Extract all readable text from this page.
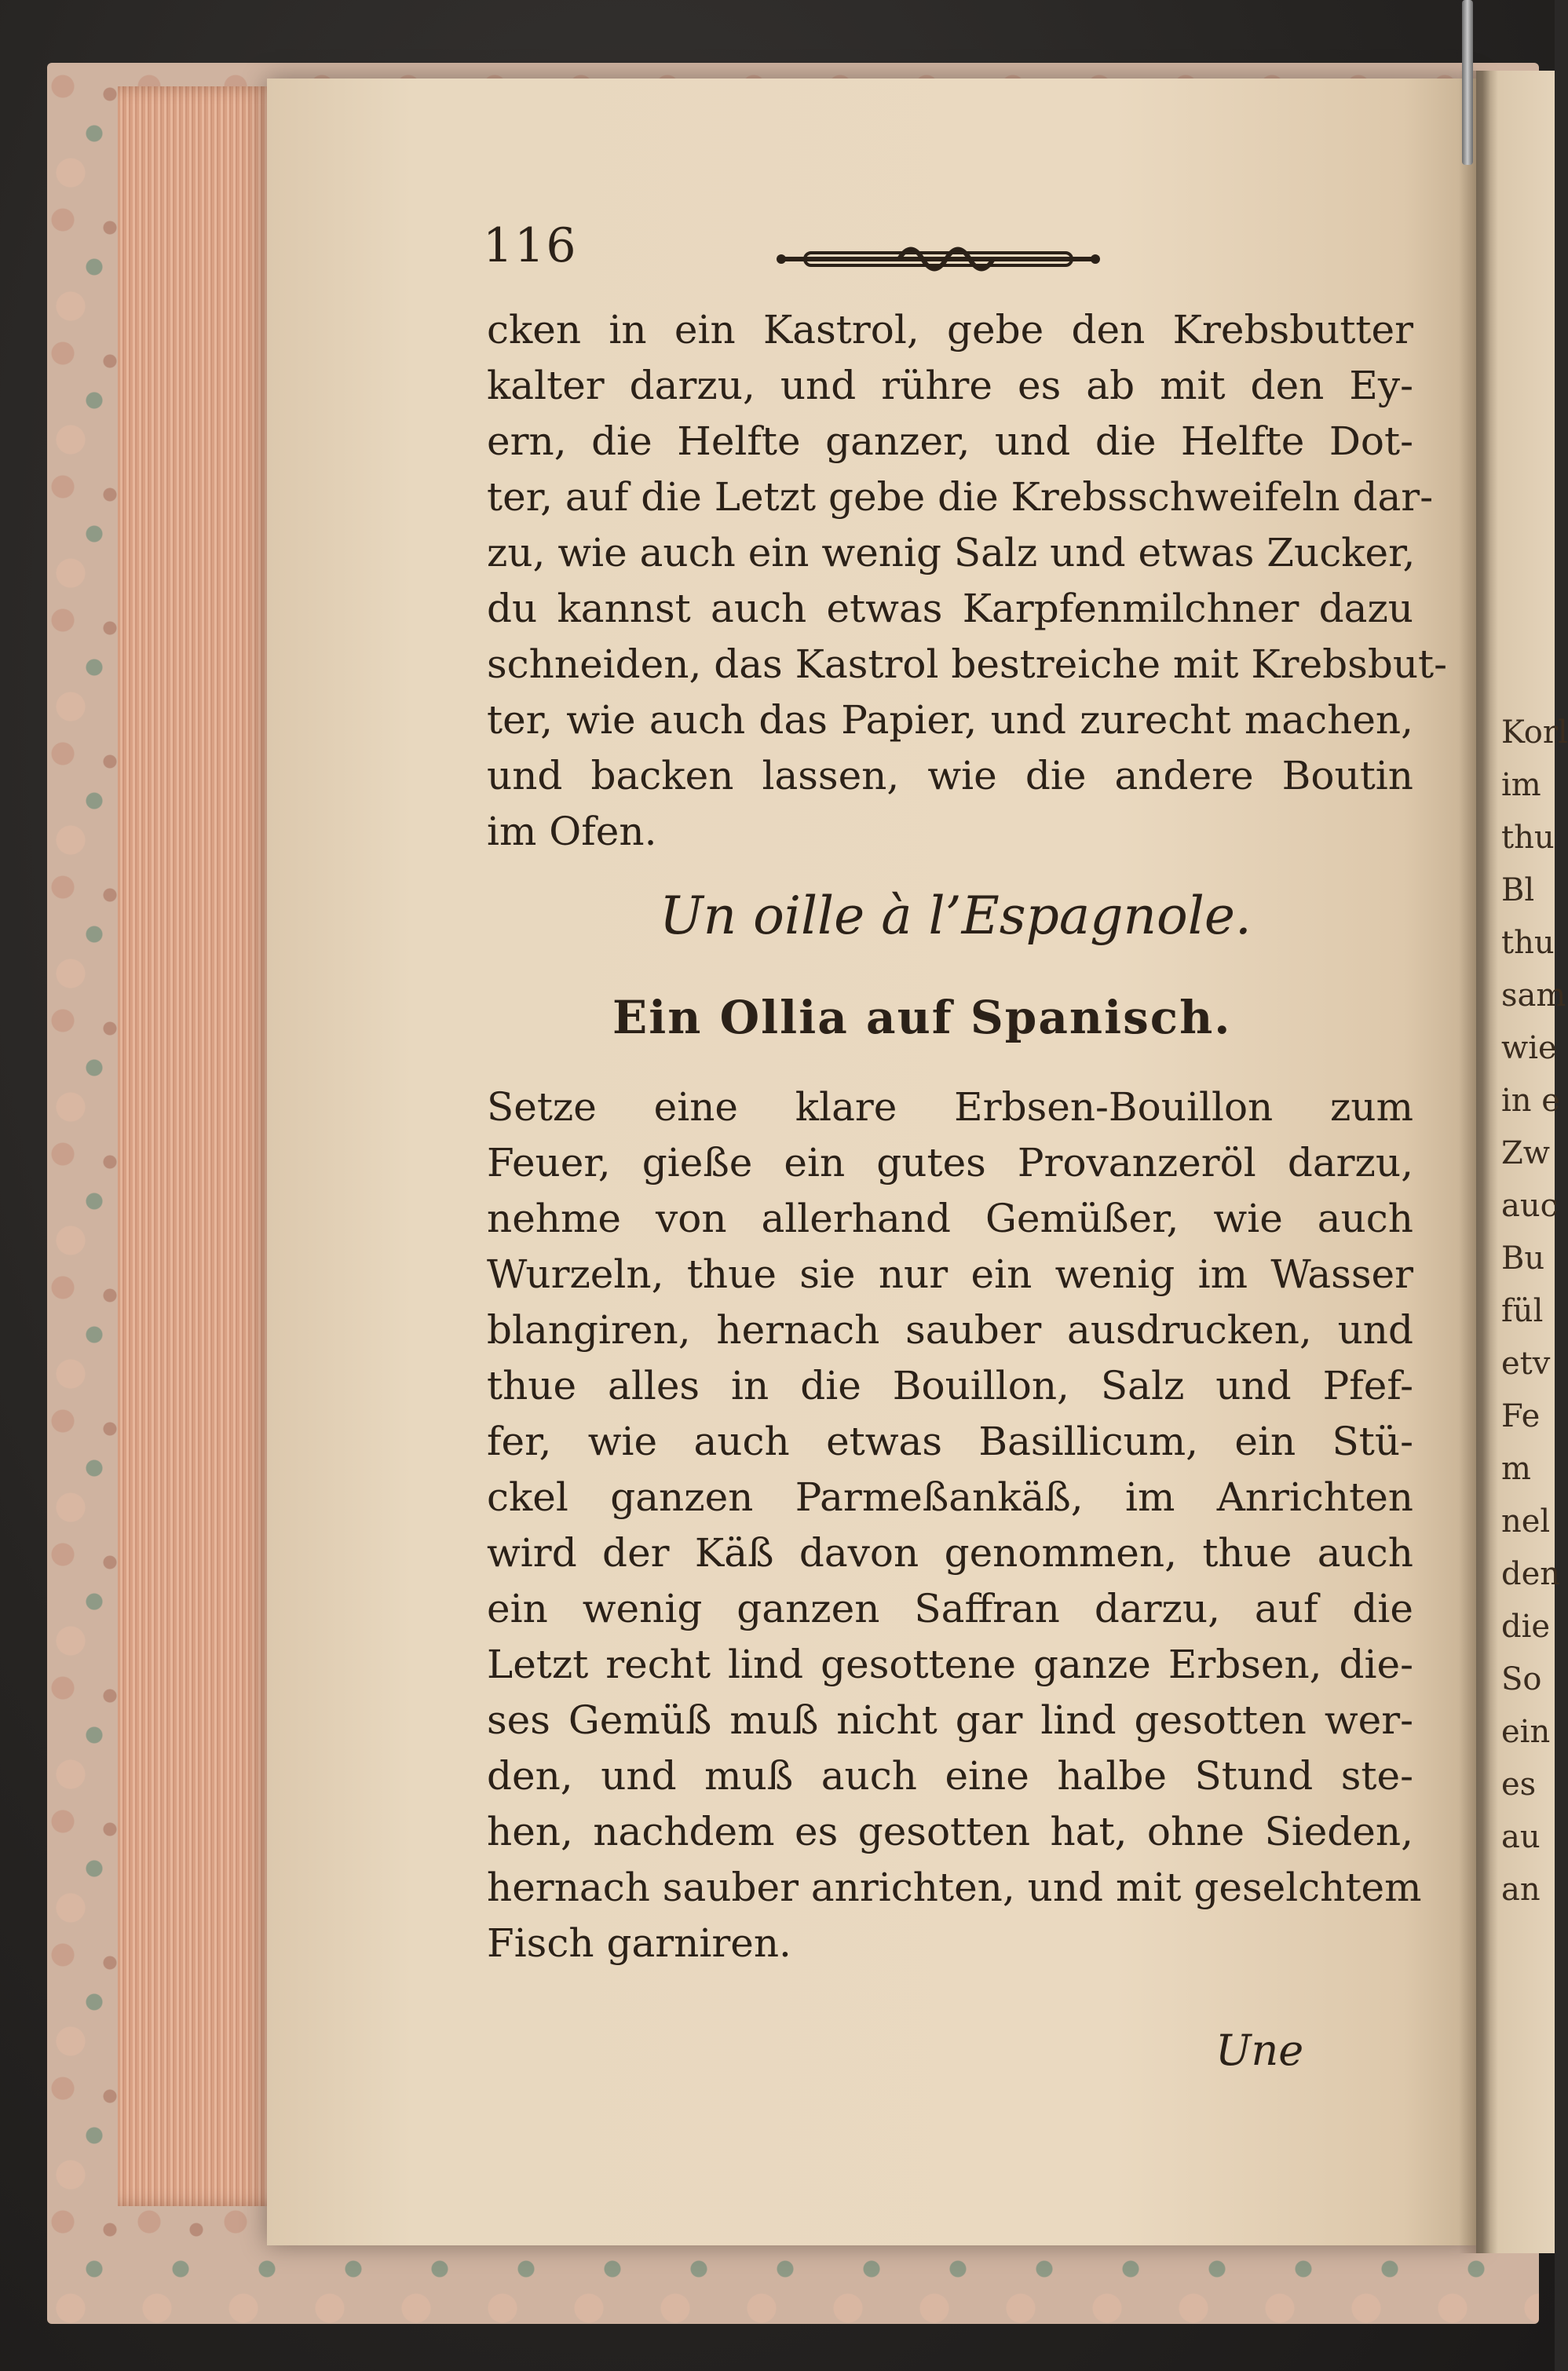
Korl
im
thu
Bl
thu
sam
wie
in e
Zw
auc
Bu
fül
etv
Fe
m
nel
den
die
So
ein
es
au
an
116
cken in ein Kastrol, gebe den Krebsbutter
kalter darzu, und rühre es ab mit den Ey-
ern, die Helfte ganzer, und die Helfte Dot-
ter, auf die Letzt gebe die Krebsschweifeln dar-
zu, wie auch ein wenig Salz und etwas Zucker,
du kannst auch etwas Karpfenmilchner dazu
schneiden, das Kastrol bestreiche mit Krebsbut-
ter, wie auch das Papier, und zurecht machen,
und backen lassen, wie die andere Boutin
im Ofen.
Un oille à l’Espagnole.
Ein Ollia auf Spanisch.
Setze eine klare Erbsen-Bouillon zum
Feuer, gieße ein gutes Provanzeröl darzu,
nehme von allerhand Gemüßer, wie auch
Wurzeln, thue sie nur ein wenig im Wasser
blangiren, hernach sauber ausdrucken, und
thue alles in die Bouillon, Salz und Pfef-
fer, wie auch etwas Basillicum, ein Stü-
ckel ganzen Parmeßankäß, im Anrichten
wird der Käß davon genommen, thue auch
ein wenig ganzen Saffran darzu, auf die
Letzt recht lind gesottene ganze Erbsen, die-
ses Gemüß muß nicht gar lind gesotten wer-
den, und muß auch eine halbe Stund ste-
hen, nachdem es gesotten hat, ohne Sieden,
hernach sauber anrichten, und mit geselchtem
Fisch garniren.
Une
